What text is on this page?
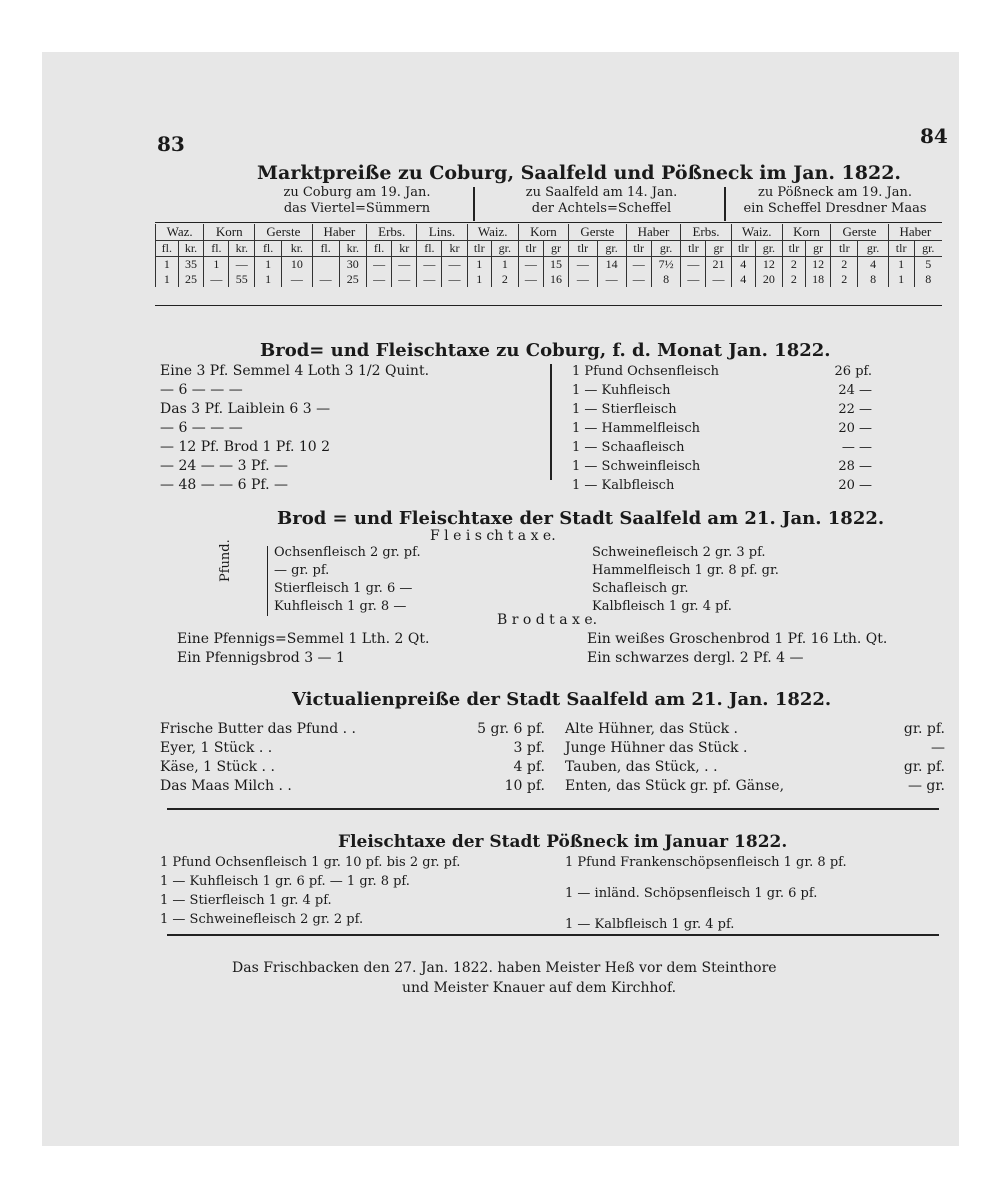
83	84
Marktpreiße zu Coburg, Saalfeld und Pößneck im Jan. 1822.
zu Coburg am 19. Jan.
das Viertel=Sümmern
zu Saalfeld am 14. Jan.
der Achtels=Scheffel
zu Pößneck am 19. Jan.
ein Scheffel Dresdner Maas
Waz.		Korn		Gerste		Haber		Erbs.		Lins.		Waiz.		Korn		Gerste		Haber		Erbs.		Waiz.		Korn		Gerste		Haber	
fl.	kr.	fl.	kr.	fl.	kr.	fl.	kr.	fl.	kr	fl.	kr	tlr	gr.	tlr	gr	tlr	gr.	tlr	gr.	tlr	gr	tlr	gr.	tlr	gr	tlr	gr.	tlr	gr.
1	35	1	—	1	10		30	—	—	—	—	1	1	—	15	—	14	—	7½	—	21	4	12	2	12	2	4	1	5
1	25	—	55	1	—	—	25	—	—	—	—	1	2	—	16	—	—	—	8	—	—	4	20	2	18	2	8	1	8
Brod= und Fleischtaxe zu Coburg, f. d. Monat Jan. 1822.
Eine 3 Pf. Semmel 4 Loth 3 1/2 Quint.
— 6 — — —
Das 3 Pf. Laiblein 6 3 —
— 6 — — —
— 12 Pf. Brod 1 Pf. 10 2
— 24 — — 3 Pf. —
— 48 — — 6 Pf. —
1 Pfund Ochsenfleisch	26 pf.
1 — Kuhfleisch	24 —
1 — Stierfleisch	22 —
1 — Hammelfleisch	20 —
1 — Schaafleisch	— —
1 — Schweinfleisch	28 —
1 — Kalbfleisch	20 —
Brod = und Fleischtaxe der Stadt Saalfeld am 21. Jan. 1822.
F l e i s ch t a x e.
Pfund.	Ochsenfleisch 2 gr. pf.
— gr. pf.
Stierfleisch 1 gr. 6 —
Kuhfleisch 1 gr. 8 —
Schweinefleisch 2 gr. 3 pf.
Hammelfleisch 1 gr. 8 pf. gr.
Schafleisch gr.
Kalbfleisch 1 gr. 4 pf.
B r o d t a x e.
Eine Pfennigs=Semmel 1 Lth. 2 Qt.
Ein Pfennigsbrod 3 — 1
Ein weißes Groschenbrod 1 Pf. 16 Lth. Qt.
Ein schwarzes dergl. 2 Pf. 4 —
Victualienpreiße der Stadt Saalfeld am 21. Jan. 1822.
Frische Butter das Pfund . .	5 gr. 6 pf.
Eyer, 1 Stück . .	3 pf.
Käse, 1 Stück . .	4 pf.
Das Maas Milch . .	10 pf.
Alte Hühner, das Stück .	gr. pf.
Junge Hühner das Stück .	—
Tauben, das Stück, . .	gr. pf.
Enten, das Stück gr. pf. Gänse,	— gr.
Fleischtaxe der Stadt Pößneck im Januar 1822.
1 Pfund Ochsenfleisch 1 gr. 10 pf. bis 2 gr. pf.
1 — Kuhfleisch 1 gr. 6 pf. — 1 gr. 8 pf.
1 — Stierfleisch 1 gr. 4 pf.
1 — Schweinefleisch 2 gr. 2 pf.
1 Pfund Frankenschöpsenfleisch 1 gr. 8 pf.
1 — inländ. Schöpsenfleisch 1 gr. 6 pf.
1 — Kalbfleisch 1 gr. 4 pf.
Das Frischbacken den 27. Jan. 1822. haben Meister Heß vor dem Steinthore
und Meister Knauer auf dem Kirchhof.
